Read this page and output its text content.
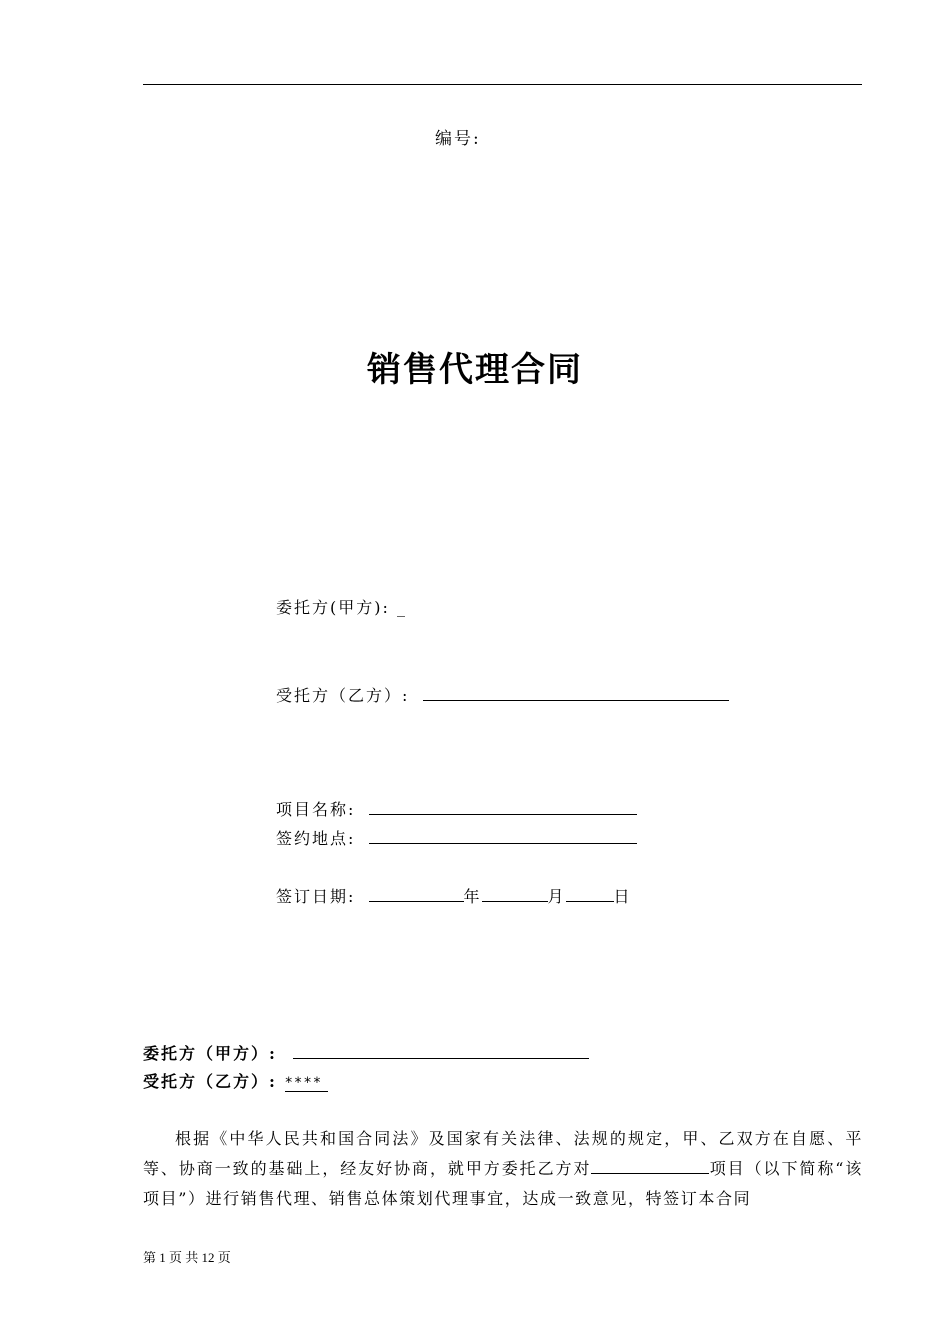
编号:
销售代理合同
委托方(甲方): _
受托方（乙方）:
项目名称:
签约地点:
签订日期:	年	月	日
委托方（甲方）:
受托方（乙方）: ****

根据《中华人民共和国合同法》及国家有关法律、法规的规定，甲、乙双方在自愿、平等、协商一致的基础上，经友好协商，就甲方委托乙方对	项目（以下简称“该项目”）进行销售代理、销售总体策划代理事宜，达成一致意见，特签订本合同

第 1 页 共 12 页
